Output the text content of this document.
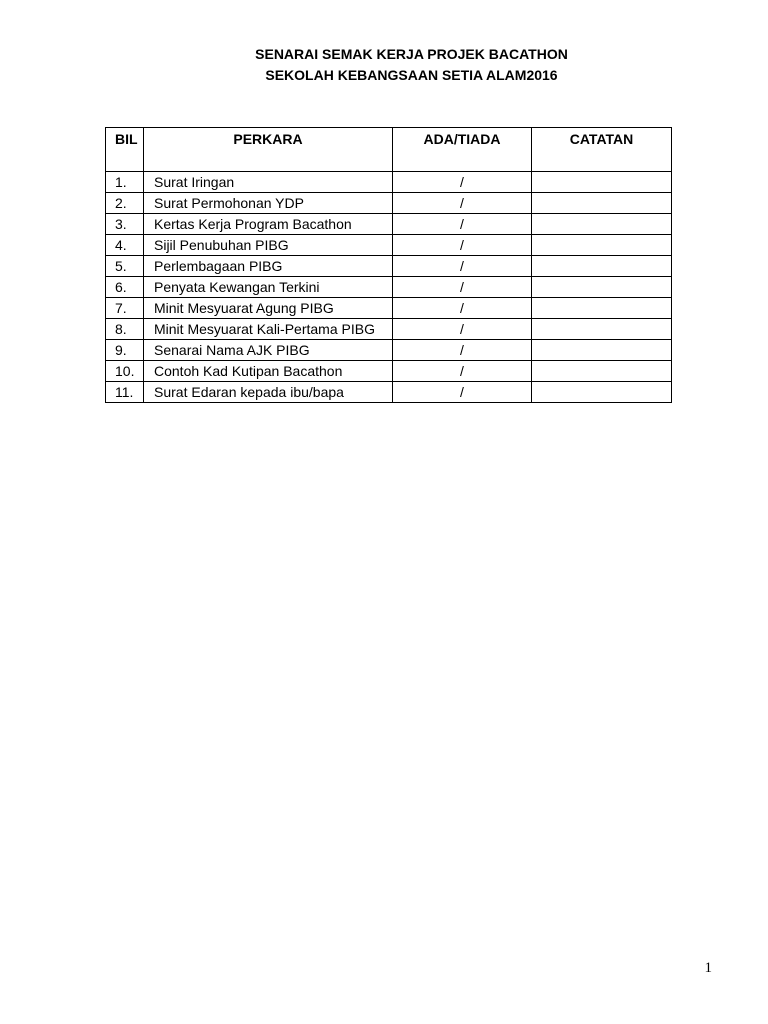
SENARAI SEMAK KERJA PROJEK BACATHON
SEKOLAH KEBANGSAAN SETIA ALAM2016
BIL	PERKARA	ADA/TIADA	CATATAN
1.	Surat Iringan	/	
2.	Surat Permohonan YDP	/	
3.	Kertas Kerja Program Bacathon	/	
4.	Sijil Penubuhan PIBG	/	
5.	Perlembagaan PIBG	/	
6.	Penyata Kewangan Terkini	/	
7.	Minit Mesyuarat Agung PIBG	/	
8.	Minit Mesyuarat Kali-Pertama PIBG	/	
9.	Senarai Nama AJK PIBG	/	
10.	Contoh Kad Kutipan Bacathon	/	
11.	Surat Edaran kepada ibu/bapa	/	
1
